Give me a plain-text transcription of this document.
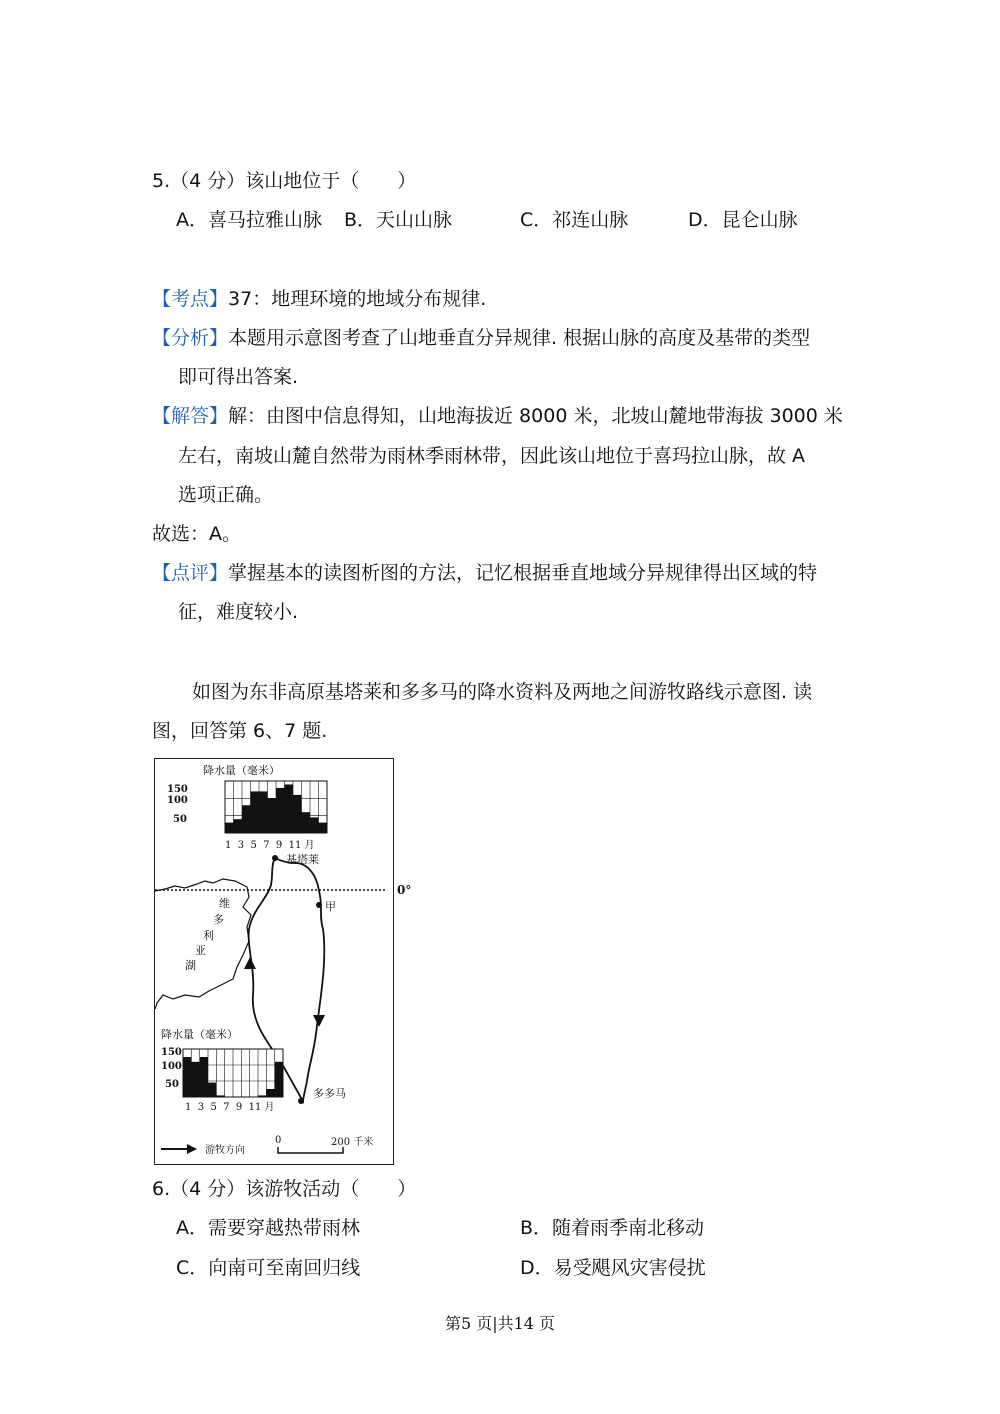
5.（4 分）该山地位于（　　）
A．喜马拉雅山脉 B．天山山脉	C．祁连山脉	D．昆仑山脉
【考点】37：地理环境的地域分布规律.
【分析】本题用示意图考查了山地垂直分异规律. 根据山脉的高度及基带的类型
即可得出答案.
【解答】解：由图中信息得知，山地海拔近 8000 米，北坡山麓地带海拔 3000 米
左右，南坡山麓自然带为雨林季雨林带，因此该山地位于喜玛拉山脉，故 A
选项正确。
故选：A。
【点评】掌握基本的读图析图的方法，记忆根据垂直地域分异规律得出区域的特
征，难度较小.
如图为东非高原基塔莱和多多马的降水资料及两地之间游牧路线示意图. 读
图，回答第 6、7 题.
降水量（毫米）
150
100
50
1  3  5  7  9  11 月
基塔莱
0°
维
多
利
亚
湖
甲
降水量（毫米）
150
100
50
1  3  5  7  9  11 月
多多马
游牧方向
0	200 千米
6.（4 分）该游牧活动（　　）
A．需要穿越热带雨林	B．随着雨季南北移动
C．向南可至南回归线	D．易受飓风灾害侵扰
第5 页|共14 页
